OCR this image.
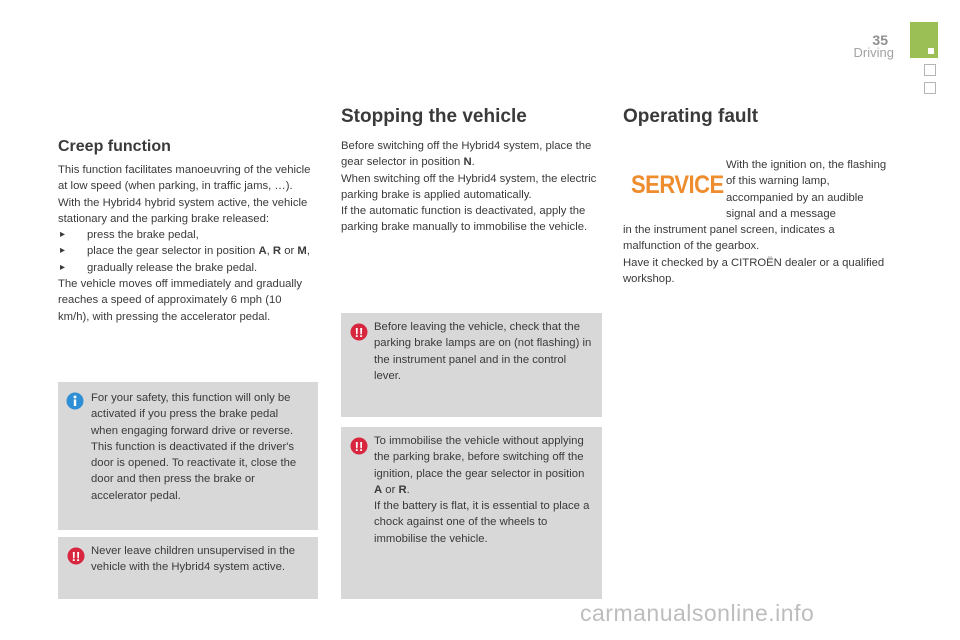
35
Driving
Creep function

This function facilitates manoeuvring of the vehicle at low speed (when parking, in traffic jams, …).

With the Hybrid4 hybrid system active, the vehicle stationary and the parking brake released:

▸ press the brake pedal,

▸ place the gear selector in position A, R or M,

▸ gradually release the brake pedal.

The vehicle moves off immediately and gradually reaches a speed of approximately 6 mph (10 km/h), with pressing the accelerator pedal.

For your safety, this function will only be activated if you press the brake pedal when engaging forward drive or reverse.

This function is deactivated if the driver's door is opened. To reactivate it, close the door and then press the brake or accelerator pedal.

!! Never leave children unsupervised in the vehicle with the Hybrid4 system active.
Stopping the vehicle

Before switching off the Hybrid4 system, place the gear selector in position N.

When switching off the Hybrid4 system, the electric parking brake is applied automatically.

If the automatic function is deactivated, apply the parking brake manually to immobilise the vehicle.

!! Before leaving the vehicle, check that the parking brake lamps are on (not flashing) in the instrument panel and in the control lever.
!! To immobilise the vehicle without applying the parking brake, before switching off the ignition, place the gear selector in position A or R.

If the battery is flat, it is essential to place a chock against one of the wheels to immobilise the vehicle.

Operating fault
SERVICE
With the ignition on, the flashing of this warning lamp, accompanied by an audible signal and a message

in the instrument panel screen, indicates a malfunction of the gearbox.

Have it checked by a CITROËN dealer or a qualified workshop.

carmanualsonline.info
